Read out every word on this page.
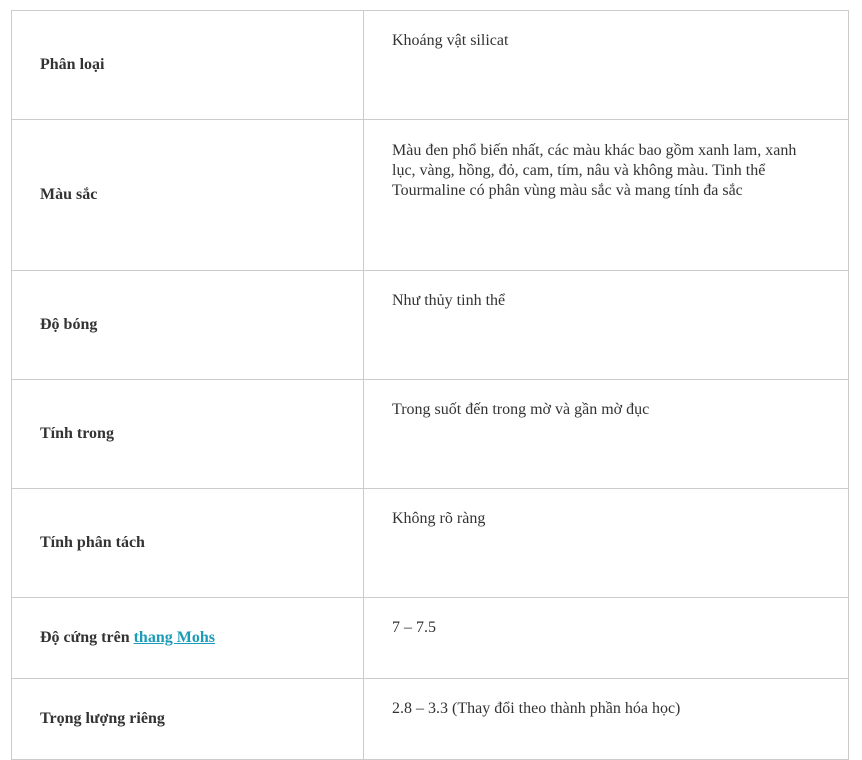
Phân loại	Khoáng vật silicat
Màu sắc	Màu đen phổ biến nhất, các màu khác bao gồm xanh lam, xanh lục, vàng, hồng, đỏ, cam, tím, nâu và không màu. Tinh thể Tourmaline có phân vùng màu sắc và mang tính đa sắc
Độ bóng	Như thủy tinh thể
Tính trong	Trong suốt đến trong mờ và gần mờ đục
Tính phân tách	Không rõ ràng
Độ cứng trên thang Mohs	7 – 7.5
Trọng lượng riêng	2.8 – 3.3 (Thay đổi theo thành phần hóa học)
